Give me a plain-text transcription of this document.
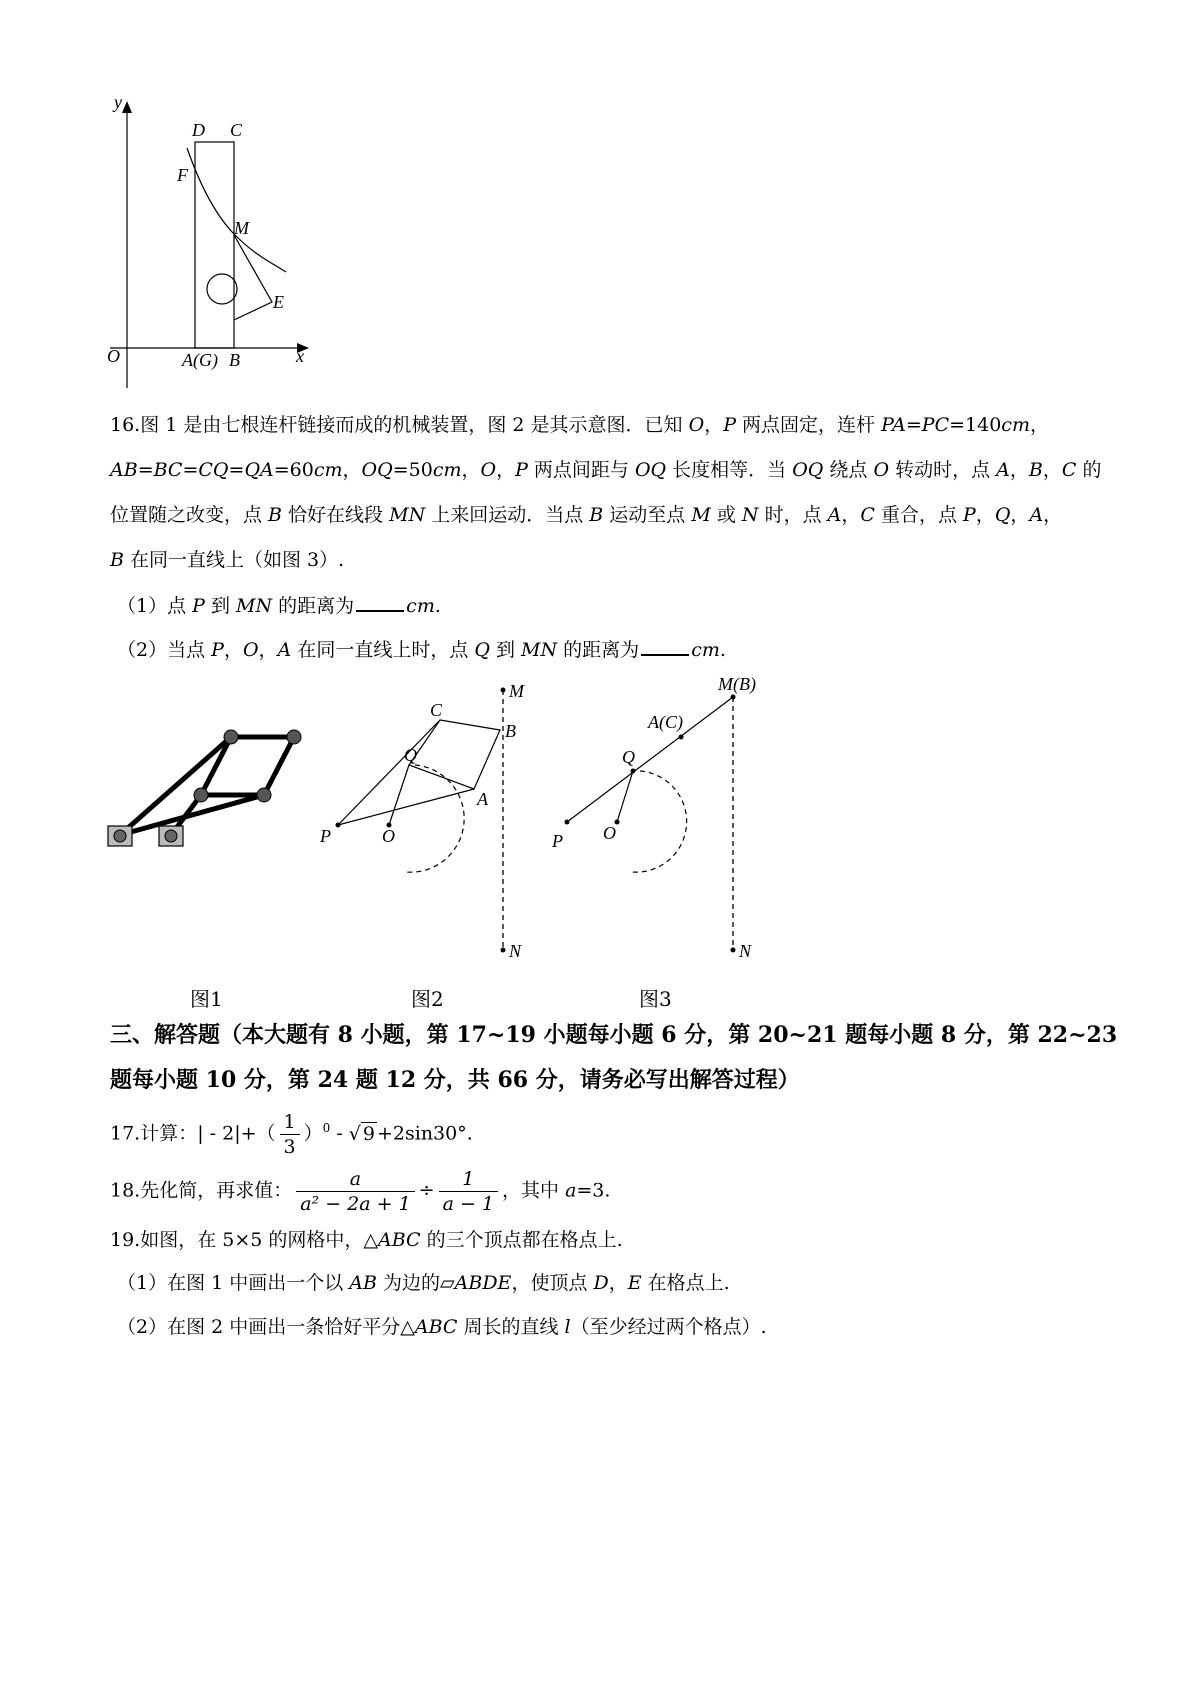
y
x
O
D C
F
M
E
A(G) B
16.图 1 是由七根连杆链接而成的机械装置，图 2 是其示意图．已知 O，P 两点固定，连杆 PA=PC=140cm，
AB=BC=CQ=QA=60cm，OQ=50cm，O，P 两点间距与 OQ 长度相等．当 OQ 绕点 O 转动时，点 A，B，C 的
位置随之改变，点 B 恰好在线段 MN 上来回运动．当点 B 运动至点 M 或 N 时，点 A，C 重合，点 P，Q，A，
B 在同一直线上（如图 3）.
（1）点 P 到 MN 的距离为	cm.
（2）当点 P，O，A 在同一直线上时，点 Q 到 MN 的距离为	cm.
C
B
M
Q
A
P	O
N
M(B)
A(C)
Q
P O
N
图1	图2	图3
三、解答题（本大题有 8 小题，第 17~19 小题每小题 6 分，第 20~21 题每小题 8 分，第 22~23
题每小题 10 分，第 24 题 12 分，共 66 分，请务必写出解答过程）
17.计算：| - $2|+( \frac{1}{3} )^0$ - √ 9 +2sin30°.
18.先化简，再求值： $\frac{a}{\text{a² − 2a + 1}} \div \frac{1}{a - 1}$ ，其中 a=3.
19.如图，在 5×5 的网格中，△ABC 的三个顶点都在格点上.
（1）在图 1 中画出一个以 AB 为边的▱ABDE，使顶点 D，E 在格点上.
（2）在图 2 中画出一条恰好平分△ABC 周长的直线 l（至少经过两个格点）.
